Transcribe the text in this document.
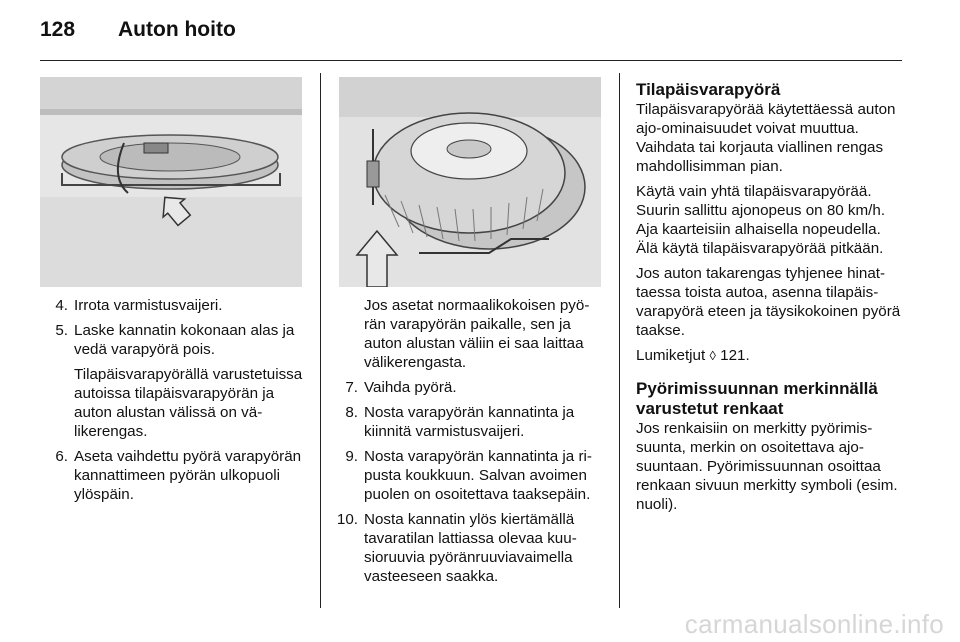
128 Auton hoito
4. Irrota varmistusvaijeri.

5. Laske kannatin kokonaan alas ja vedä varapyörä pois.

Tilapäisvarapyörällä varustetuissa autoissa tilapäisvarapyörän ja auton alustan välissä on välikerengas.

6. Aseta vaihdettu pyörä varapyörän kannattimeen pyörän ulkopuoli ylöspäin.

Jos asetat normaalikokoisen pyörän varapyörän paikalle, sen ja auton alustan väliin ei saa laittaa välikerengasta.

7. Vaihda pyörä.

8. Nosta varapyörän kannatinta ja kiinnitä varmistusvaijeri.

9. Nosta varapyörän kannatinta ja ripusta koukkuun. Salvan avoimen puolen on osoitettava taaksepäin.

10. Nosta kannatin ylös kiertämällä tavaratilan lattiassa olevaa kuusioruuvia pyöränruuviavaimella vasteeseen saakka.

Tilapäisvarapyörä

Tilapäisvarapyörää käytettäessä auton ajo-ominaisuudet voivat muuttua. Vaihdata tai korjauta viallinen rengas mahdollisimman pian.

Käytä vain yhtä tilapäisvarapyörää. Suurin sallittu ajonopeus on 80 km/h. Aja kaarteisiin alhaisella nopeudella. Älä käytä tilapäisvarapyörää pitkään.

Jos auton takarengas tyhjenee hinattaessa toista autoa, asenna tilapäisvarapyörä eteen ja täysikokoinen pyörä taakse.

Lumiketjut ◊ 121.

Pyörimissuunnan merkinnällä varustetut renkaat

Jos renkaisiin on merkitty pyörimissuunta, merkin on osoitettava ajosuuntaan. Pyörimissuunnan osoittaa renkaan sivuun merkitty symboli (esim. nuoli).

carmanualsonline.info
